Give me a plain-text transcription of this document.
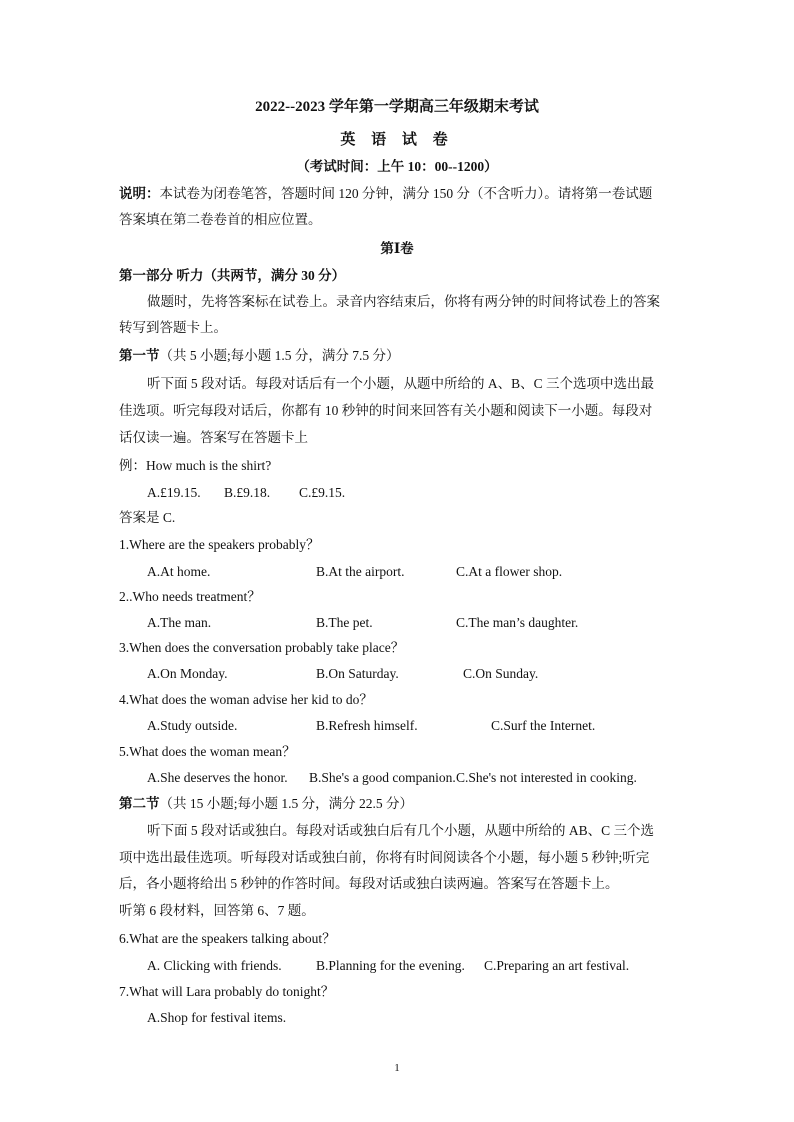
2022--2023 学年第一学期高三年级期末考试
英 语 试 卷
（考试时间：上午 10：00--1200）
说明：本试卷为闭卷笔答，答题时间 120 分钟，满分 150 分（不含听力）。请将第一卷试题
答案填在第二卷卷首的相应位置。
第Ⅰ卷
第一部分 听力（共两节，满分 30 分）
做题时，先将答案标在试卷上。录音内容结束后，你将有两分钟的时间将试卷上的答案
转写到答题卡上。
第一节（共 5 小题;每小题 1.5 分，满分 7.5 分）
听下面 5 段对话。每段对话后有一个小题，从题中所给的 A、B、C 三个选项中选出最
佳选项。听完每段对话后，你都有 10 秒钟的时间来回答有关小题和阅读下一小题。每段对
话仅读一遍。答案写在答题卡上
例：How much is the shirt?
A.£19.15. B.£9.18. C.£9.15.
答案是 C.
1.Where are the speakers probably？
A.At home.	B.At the airport.	C.At a flower shop.
2..Who needs treatment？
A.The man.	B.The pet.	C.The man’s daughter.
3.When does the conversation probably take place？
A.On Monday.	B.On Saturday.	C.On Sunday.
4.What does the woman advise her kid to do？
A.Study outside.	B.Refresh himself.	C.Surf the Internet.
5.What does the woman mean？
A.She deserves the honor. B.She's a good companion. C.She's not interested in cooking.
第二节（共 15 小题;每小题 1.5 分，满分 22.5 分）
听下面 5 段对话或独白。每段对话或独白后有几个小题，从题中所给的 AB、C 三个选
项中选出最佳选项。听每段对话或独白前，你将有时间阅读各个小题，每小题 5 秒钟;听完
后，各小题将给出 5 秒钟的作答时间。每段对话或独白读两遍。答案写在答题卡上。
听第 6 段材料，回答第 6、7 题。
6.What are the speakers talking about？
A. Clicking with friends.	B.Planning for the evening. C.Preparing an art festival.
7.What will Lara probably do tonight？
A.Shop for festival items.
1
